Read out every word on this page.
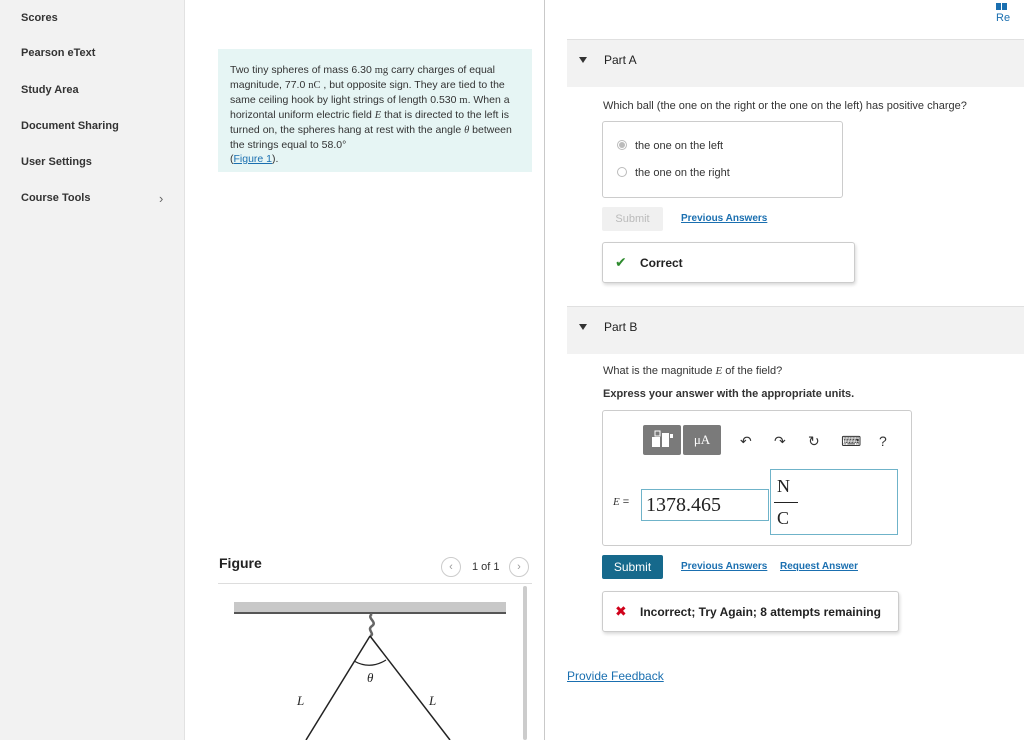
Scores
Pearson eText
Study Area
Document Sharing
User Settings
Course Tools	›
Re
Two tiny spheres of mass 6.30 mg carry charges of equal magnitude, 77.0 nC , but opposite sign. They are tied to the same ceiling hook by light strings of length 0.530 m. When a horizontal uniform electric field E that is directed to the left is turned on, the spheres hang at rest with the angle θ between the strings equal to 58.0°
(Figure 1).
Figure	‹	1 of 1	›
θ
L	L
Part A
Which ball (the one on the right or the one on the left) has positive charge?
the one on the left
the one on the right
Submit	Previous Answers
✔ Correct
Part B
What is the magnitude E of the field?
Express your answer with the appropriate units.
μA	↶ ↷ ↻ ⌨ ?
E = 1378.465
N
C
Submit	Previous Answers Request Answer
✖ Incorrect; Try Again; 8 attempts remaining
Provide Feedback
